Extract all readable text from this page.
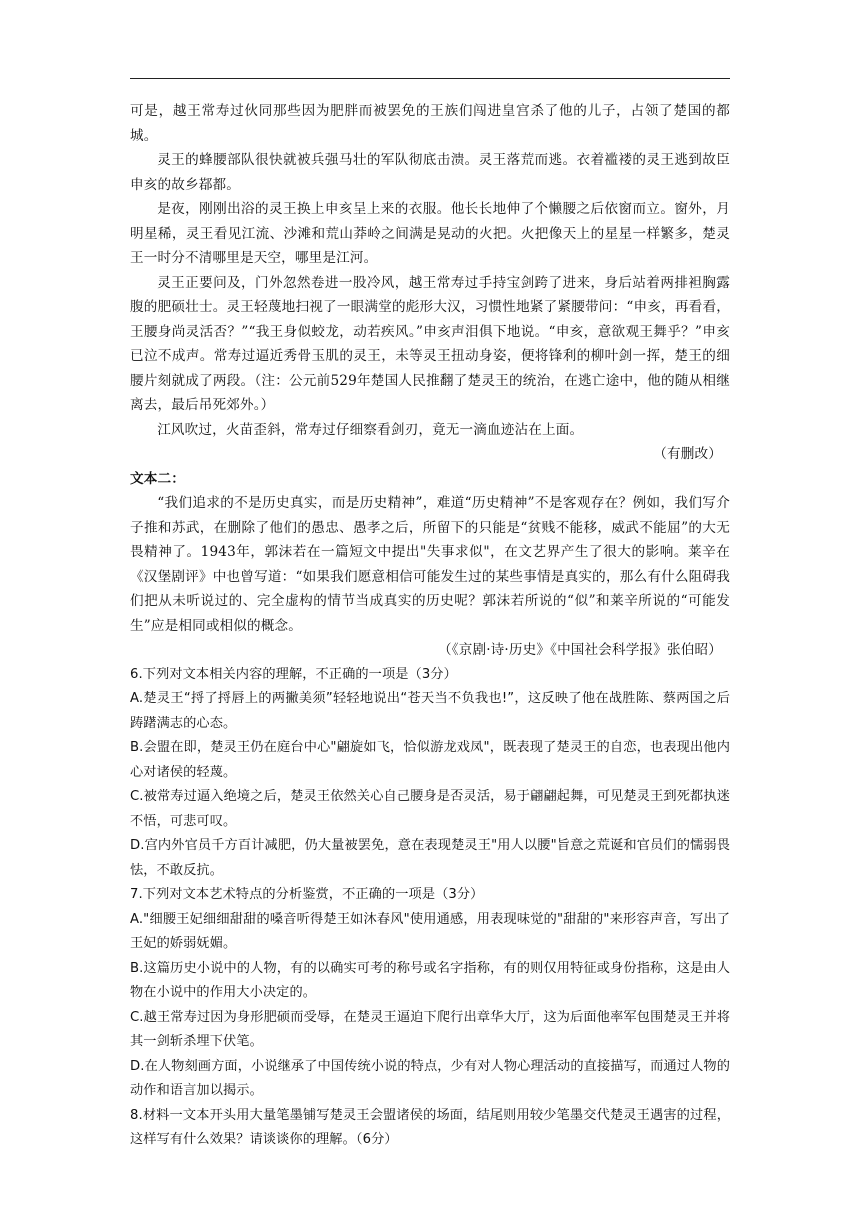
可是，越王常寿过伙同那些因为肥胖而被罢免的王族们闯进皇宫杀了他的儿子，占领了楚国的都城。

灵王的蜂腰部队很快就被兵强马壮的军队彻底击溃。灵王落荒而逃。衣着褴褛的灵王逃到故臣申亥的故乡鄀都。

是夜，刚刚出浴的灵王换上申亥呈上来的衣服。他长长地伸了个懒腰之后依窗而立。窗外，月明星稀，灵王看见江流、沙滩和荒山莽岭之间满是晃动的火把。火把像天上的星星一样繁多，楚灵王一时分不清哪里是天空，哪里是江河。

灵王正要问及，门外忽然卷进一股冷风，越王常寿过手持宝剑跨了进来，身后站着两排袒胸露腹的肥硕壮士。灵王轻蔑地扫视了一眼满堂的彪形大汉，习惯性地紧了紧腰带问：“申亥，再看看，王腰身尚灵活否？”“我王身似蛟龙，动若疾风。”申亥声泪俱下地说。“申亥，意欲观王舞乎？”申亥已泣不成声。常寿过逼近秀骨玉肌的灵王，未等灵王扭动身姿，便将锋利的柳叶剑一挥，楚王的细腰片刻就成了两段。（注：公元前529年楚国人民推翻了楚灵王的统治，在逃亡途中，他的随从相继离去，最后吊死郊外。）

江风吹过，火苗歪斜，常寿过仔细察看剑刃，竟无一滴血迹沾在上面。

（有删改）

文本二：

“我们追求的不是历史真实，而是历史精神”，难道“历史精神”不是客观存在？例如，我们写介子推和苏武，在删除了他们的愚忠、愚孝之后，所留下的只能是“贫贱不能移，威武不能屈”的大无畏精神了。1943年，郭沫若在一篇短文中提出"失事求似"，在文艺界产生了很大的影响。莱辛在《汉堡剧评》中也曾写道：“如果我们愿意相信可能发生过的某些事情是真实的，那么有什么阻碍我们把从未听说过的、完全虚构的情节当成真实的历史呢？郭沫若所说的“似”和莱辛所说的“可能发生”应是相同或相似的概念。

（《京剧·诗·历史》《中国社会科学报》张伯昭）

6.下列对文本相关内容的理解，不正确的一项是（3分）

A.楚灵王“捋了捋唇上的两撇美须”轻轻地说出“苍天当不负我也!”，这反映了他在战胜陈、蔡两国之后踌躇满志的心态。

B.会盟在即，楚灵王仍在庭台中心"翩旋如飞，恰似游龙戏凤"，既表现了楚灵王的自恋，也表现出他内心对诸侯的轻蔑。

C.被常寿过逼入绝境之后，楚灵王依然关心自己腰身是否灵活，易于翩翩起舞，可见楚灵王到死都执迷不悟，可悲可叹。

D.宫内外官员千方百计减肥，仍大量被罢免，意在表现楚灵王"用人以腰"旨意之荒诞和官员们的懦弱畏怯，不敢反抗。

7.下列对文本艺术特点的分析鉴赏，不正确的一项是（3分）

A."细腰王妃细细甜甜的嗓音听得楚王如沐春风"使用通感，用表现味觉的"甜甜的"来形容声音，写出了王妃的娇弱妩媚。

B.这篇历史小说中的人物，有的以确实可考的称号或名字指称，有的则仅用特征或身份指称，这是由人物在小说中的作用大小决定的。

C.越王常寿过因为身形肥硕而受辱，在楚灵王逼迫下爬行出章华大厅，这为后面他率军包围楚灵王并将其一剑斩杀埋下伏笔。

D.在人物刻画方面，小说继承了中国传统小说的特点，少有对人物心理活动的直接描写，而通过人物的动作和语言加以揭示。

8.材料一文本开头用大量笔墨铺写楚灵王会盟诸侯的场面，结尾则用较少笔墨交代楚灵王遇害的过程，这样写有什么效果？请谈谈你的理解。（6分）
